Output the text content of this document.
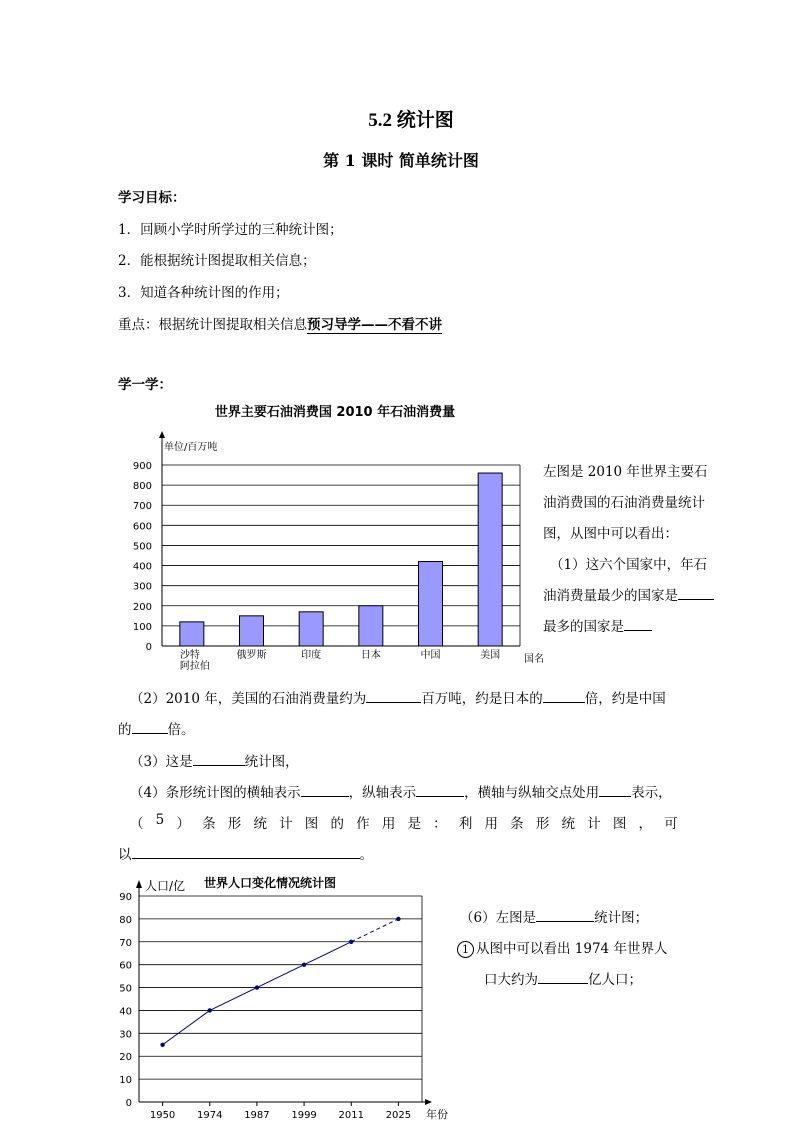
5.2 统计图
第 1 课时 简单统计图
学习目标：
1．回顾小学时所学过的三种统计图；
2．能根据统计图提取相关信息；
3．知道各种统计图的作用；
重点：根据统计图提取相关信息预习导学——不看不讲
学一学：
世界主要石油消费国 2010 年石油消费量
0
100
200
300
400
500
600
700
800
900
单位/百万吨
沙特
阿拉伯
俄罗斯	印度	日本	中国	美国 国名
左图是 2010 年世界主要石
油消费国的石油消费量统计
图，从图中可以看出：
（1）这六个国家中，年石
油消费量最少的国家是
最多的国家是
（2）2010 年，美国的石油消费量约为	百万吨，约是日本的	倍，约是中国
的	倍。
（3）这是	统计图，
（4）条形统计图的横轴表示	，纵轴表示	，横轴与纵轴交点处用 表示，
（ 5 ） 条 形 统 计 图 的 作 用 是 ： 利 用 条 形 统 计 图 ， 可
以	。
世界人口变化情况统计图
0
10
20
30
40
50
60
70
80
90
人口/亿
1950 1974 1987 1999 2011 2025 年份
（6）左图是	统计图；
1 从图中可以看出 1974 年世界人
口大约为	亿人口；
